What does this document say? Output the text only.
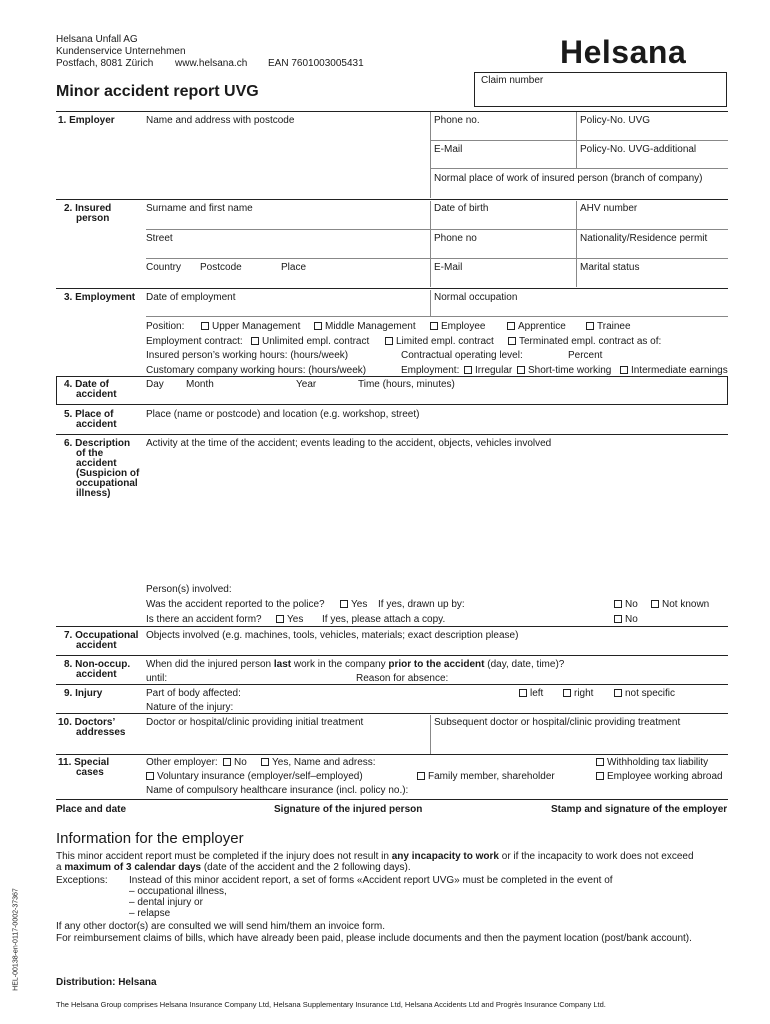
Helsana Unfall AG
Kundenservice Unternehmen
Postfach, 8081 Zürich www.helsana.ch EAN 7601003005431	Helsana
Minor accident report UVG
Claim number
1. Employer	Name and address with postcode	Phone no.	Policy-No. UVG
E-Mail	Policy-No. UVG-additional
Normal place of work of insured person (branch of company)
2. Insured
person
Surname and first name	Date of birth	AHV number
Street	Phone no	Nationality/Residence permit
Country Postcode	Place	E-Mail	Marital status
3. Employment Date of employment	Normal occupation
Position:	Upper Management	Middle Management	Employee	Apprentice	Trainee
Employment contract:	Unlimited empl. contract	Limited empl. contract	Terminated empl. contract as of:
Insured person’s working hours: (hours/week)	Contractual operating level:	Percent
Customary company working hours: (hours/week)	Employment:	Irregular	Short-time working	Intermediate earnings
4. Date of
accident
Day Month	Year	Time (hours, minutes)
5. Place of
accident
Place (name or postcode) and location (e.g. workshop, street)
6. Description
of the
accident
(Suspicion of
occupational
illness)
Activity at the time of the accident; events leading to the accident, objects, vehicles involved
Person(s) involved:
Was the accident reported to the police?	Yes If yes, drawn up by:	No	Not known
Is there an accident form?	Yes If yes, please attach a copy.	No
7. Occupational
accident
Objects involved (e.g. machines, tools, vehicles, materials; exact description please)
8. Non-occup.
accident
When did the injured person last work in the company prior to the accident (day, date, time)?
until:	Reason for absence:
9. Injury	Part of body affected:	left	right	not specific
Nature of the injury:
10. Doctors’
addresses
Doctor or hospital/clinic providing initial treatment	Subsequent doctor or hospital/clinic providing treatment
11. Special
cases
Other employer:	No	Yes, Name and adress:	Withholding tax liability
Voluntary insurance (employer/self–employed)	Family member, shareholder	Employee working abroad
Name of compulsory healthcare insurance (incl. policy no.):
Place and date	Signature of the injured person	Stamp and signature of the employer
Information for the employer
This minor accident report must be completed if the injury does not result in any incapacity to work or if the incapacity to work does not exceed
a maximum of 3 calendar days (date of the accident and the 2 following days).
Exceptions: Instead of this minor accident report, a set of forms «Accident report UVG» must be completed in the event of
– occupational illness,
– dental injury or
– relapse
If any other doctor(s) are consulted we will send him/them an invoice form.
For reimbursement claims of bills, which have already been paid, please include documents and then the payment location (post/bank account).
Distribution: Helsana
The Helsana Group comprises Helsana Insurance Company Ltd, Helsana Supplementary Insurance Ltd, Helsana Accidents Ltd and Progrès Insurance Company Ltd.
HEL-00138-en-0117-0002-37367
